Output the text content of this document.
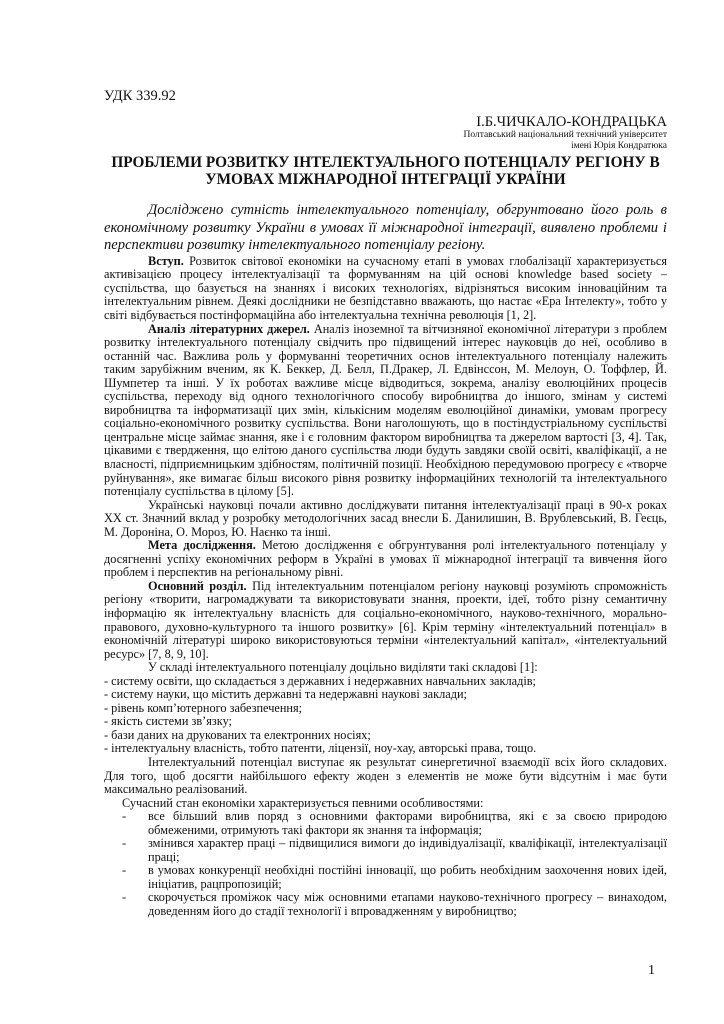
УДК 339.92

І.Б.ЧИЧКАЛО-КОНДРАЦЬКА

Полтавський національний технічний університет

імені Юрія Кондратюка

ПРОБЛЕМИ РОЗВИТКУ ІНТЕЛЕКТУАЛЬНОГО ПОТЕНЦІАЛУ РЕГІОНУ В
УМОВАХ МІЖНАРОДНОЇ ІНТЕГРАЦІЇ УКРАЇНИ

Досліджено сутність інтелектуального потенціалу, обгрунтовано його роль в економічному розвитку України в умовах її міжнародної інтеграції, виявлено проблеми і перспективи розвитку інтелектуального потенціалу регіону.

Вступ. Розвиток світової економіки на сучасному етапі в умовах глобалізації характеризується активізацією процесу інтелектуалізації та формуванням на цій основі knowledge based society – суспільства, що базується на знаннях і високих технологіях, відрізняться високим інноваційним та інтелектуальним рівнем. Деякі дослідники не безпідставно вважають, що настає «Ера Інтелекту», тобто у світі відбувається постінформаційна або інтелектуальна технічна революція [1, 2].

Аналіз літературних джерел. Аналіз іноземної та вітчизняної економічної літератури з проблем розвитку інтелектуального потенціалу свідчить про підвищений інтерес науковців до неї, особливо в останній час. Важлива роль у формуванні теоретичних основ інтелектуального потенціалу належить таким зарубіжним вченим, як К. Беккер, Д. Белл, П.Дракер, Л. Едвінссон, М. Мелоун, О. Тоффлер, Й. Шумпетер та інші. У їх роботах важливе місце відводиться, зокрема, аналізу еволюційних процесів суспільства, переходу від одного технологічного способу виробництва до іншого, змінам у системі виробництва та інформатизації цих змін, кількісним моделям еволюційної динаміки, умовам прогресу соціально-економічного розвитку суспільства. Вони наголошують, що в постіндустріальному суспільстві центральне місце займає знання, яке і є головним фактором виробництва та джерелом вартості [3, 4]. Так, цікавими є твердження, що елітою даного суспільства люди будуть завдяки своїй освіті, кваліфікації, а не власності, підприємницьким здібностям, політичній позиції. Необхідною передумовою прогресу є «творче руйнування», яке вимагає більш високого рівня розвитку інформаційних технологій та інтелектуального потенціалу суспільства в цілому [5].

Українські науковці почали активно досліджувати питання інтелектуалізації праці в 90-х роках XX ст. Значний вклад у розробку методологічних засад внесли Б. Данилишин, В. Врублевський, В. Геєць, М. Доронiна, О. Мороз, Ю. Наєнко та інші.

Мета дослідження. Метою дослідження є обгрунтування ролі інтелектуального потенціалу у досягненні успіху економічних реформ в Україні в умовах її міжнародної інтеграції та вивчення його проблем і перспектив на регіональному рівні.

Основний розділ. Під інтелектуальним потенціалом регіону науковці розуміють спроможність регіону «творити, нагромаджувати та використовувати знання, проекти, ідеї, тобто різну семантичну інформацію як інтелектуальну власність для соціально-економічного, науково-технічного, морально-правового, духовно-культурного та іншого розвитку» [6]. Крім терміну «інтелектуальний потенціал» в економічній літературі широко використовуються терміни «інтелектуальний капітал», «інтелектуальний ресурс» [7, 8, 9, 10].

У складі інтелектуального потенціалу доцільно виділяти такі складові [1]:

- систему освіти, що складається з державних і недержавних навчальних закладів;

- систему науки, що містить державні та недержавні наукові заклади;

- рівень комп’ютерного забезпечення;

- якість системи зв’язку;

- бази даних на друкованих та електронних носіях;

- інтелектуальну власність, тобто патенти, ліцензії, ноу-хау, авторські права, тощо.

Інтелектуальний потенціал виступає як результат синергетичної взаємодії всіх його складових. Для того, щоб досягти найбільшого ефекту жоден з елементів не може бути відсутнім і має бути максимально реалізований.

Сучасний стан економіки характеризується певними особливостями:

-	все більший влив поряд з основними факторами виробництва, які є за своєю природою обмеженими, отримують такі фактори як знання та інформація;
-	змінився характер праці – підвищилися вимоги до індивідуалізації, кваліфікації, інтелектуалізації праці;
-	в умовах конкуренції необхідні постійні інновації, що робить необхідним заохочення нових ідей, ініціатив, рацпропозицій;
-	скорочується проміжок часу між основними етапами науково-технічного прогресу – винаходом, доведенням його до стадії технології і впровадженням у виробництво;
1
